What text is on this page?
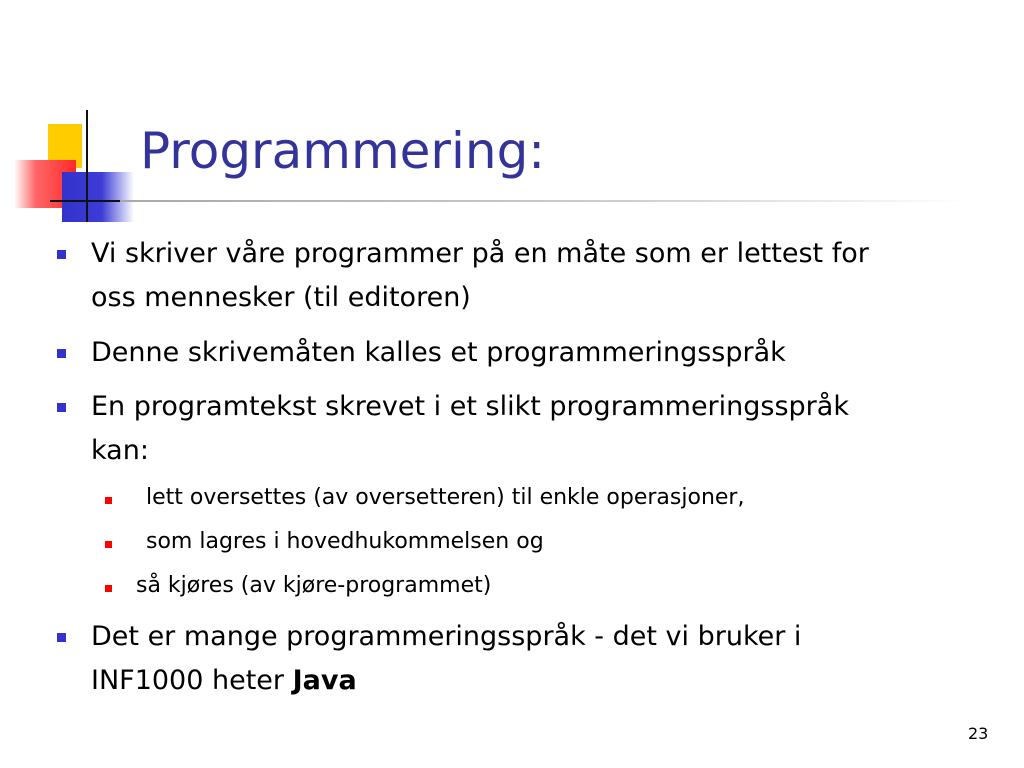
Programmering:
Vi skriver våre programmer på en måte som er lettest for
oss mennesker (til editoren)
Denne skrivemåten kalles et programmeringsspråk
En programtekst skrevet i et slikt programmeringsspråk
kan:
lett oversettes (av oversetteren) til enkle operasjoner,
som lagres i hovedhukommelsen og
så kjøres (av kjøre-programmet)
Det er mange programmeringsspråk - det vi bruker i
INF1000 heter Java
23
